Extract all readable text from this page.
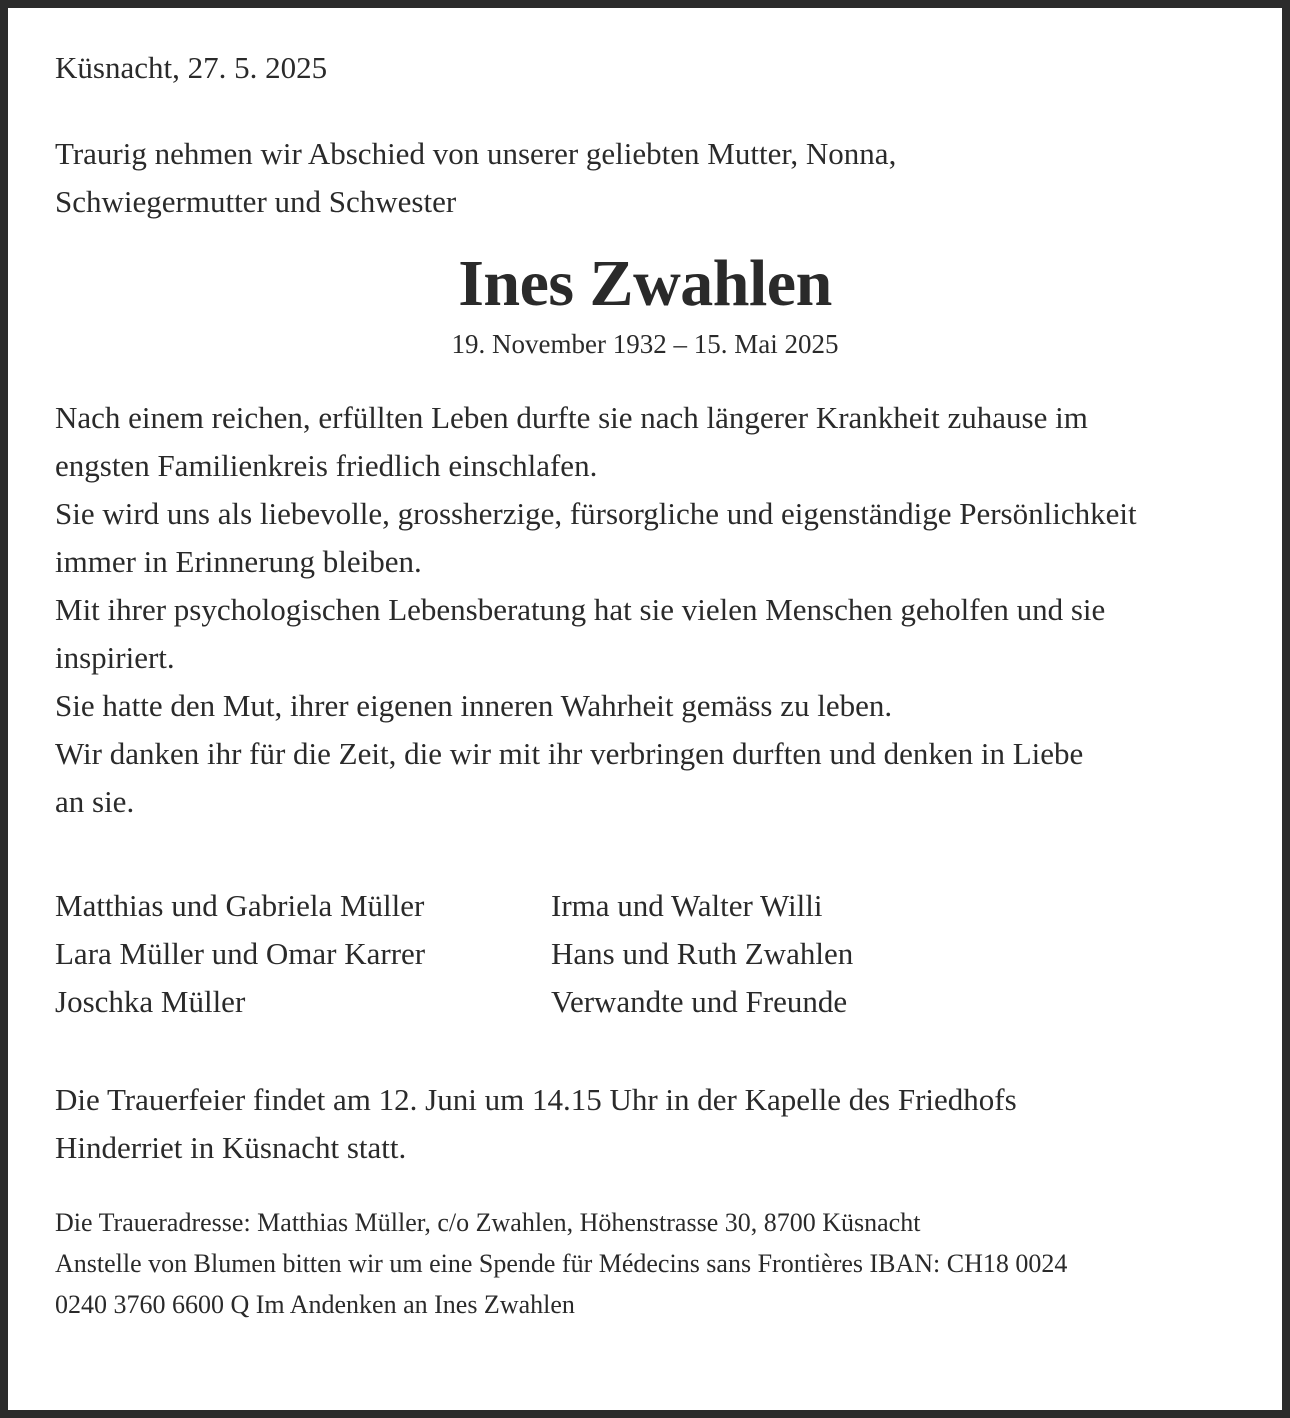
Küsnacht, 27. 5. 2025

Traurig nehmen wir Abschied von unserer geliebten Mutter, Nonna,
Schwiegermutter und Schwester
Ines Zwahlen

19. November 1932 – 15. Mai 2025

Nach einem reichen, erfüllten Leben durfte sie nach längerer Krankheit zuhause im

engsten Familienkreis friedlich einschlafen.

Sie wird uns als liebevolle, grossherzige, fürsorgliche und eigenständige Persönlichkeit

immer in Erinnerung bleiben.

Mit ihrer psychologischen Lebensberatung hat sie vielen Menschen geholfen und sie

inspiriert.

Sie hatte den Mut, ihrer eigenen inneren Wahrheit gemäss zu leben.

Wir danken ihr für die Zeit, die wir mit ihr verbringen durften und denken in Liebe

an sie.

Matthias und Gabriela Müller
Lara Müller und Omar Karrer
Joschka Müller
Irma und Walter Willi
Hans und Ruth Zwahlen
Verwandte und Freunde
Die Trauerfeier findet am 12. Juni um 14.15 Uhr in der Kapelle des Friedhofs
Hinderriet in Küsnacht statt.

Die Traueradresse: Matthias Müller, c/o Zwahlen, Höhenstrasse 30, 8700 Küsnacht

Anstelle von Blumen bitten wir um eine Spende für Médecins sans Frontières IBAN: CH18 0024

0240 3760 6600 Q Im Andenken an Ines Zwahlen
